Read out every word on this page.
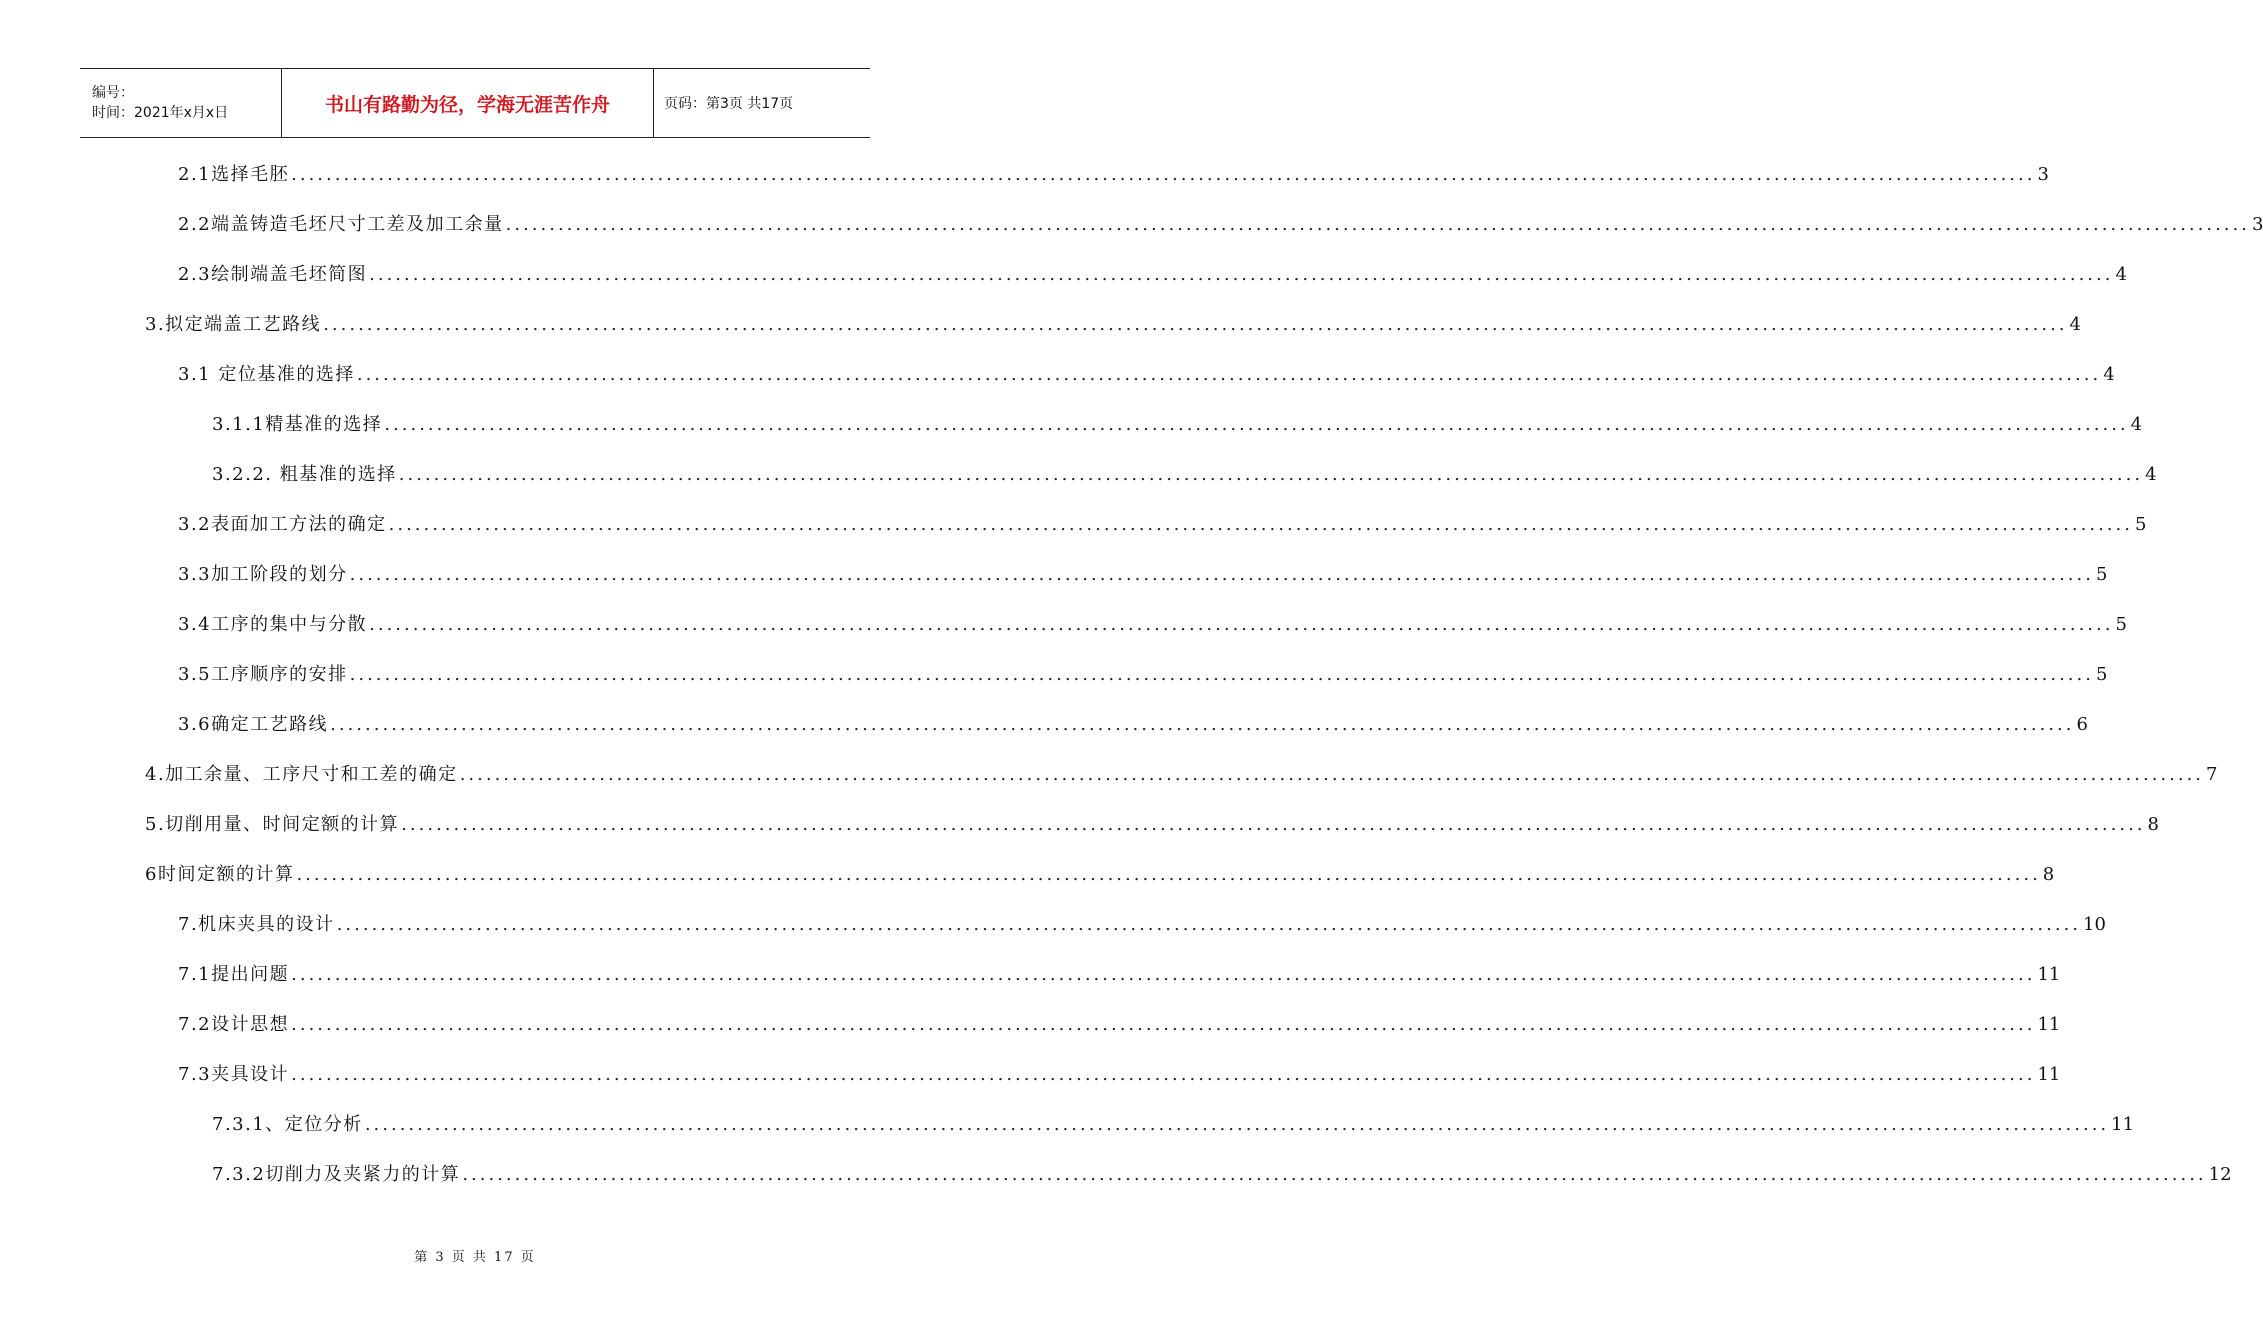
编号：
时间：2021年x月x日	书山有路勤为径，学海无涯苦作舟	页码：第3页 共17页
2.1选择毛胚 ........................................................................................................................................................................................................ 3
2.2端盖铸造毛坯尺寸工差及加工余量 ........................................................................................................................................................................................................ 3
2.3绘制端盖毛坯简图 ........................................................................................................................................................................................................ 4
3.拟定端盖工艺路线 ........................................................................................................................................................................................................ 4
3.1 定位基准的选择 ........................................................................................................................................................................................................ 4
3.1.1精基准的选择 ........................................................................................................................................................................................................ 4
3.2.2. 粗基准的选择 ........................................................................................................................................................................................................ 4
3.2表面加工方法的确定 ........................................................................................................................................................................................................ 5
3.3加工阶段的划分 ........................................................................................................................................................................................................ 5
3.4工序的集中与分散 ........................................................................................................................................................................................................ 5
3.5工序顺序的安排 ........................................................................................................................................................................................................ 5
3.6确定工艺路线 ........................................................................................................................................................................................................ 6
4.加工余量、工序尺寸和工差的确定 ........................................................................................................................................................................................................ 7
5.切削用量、时间定额的计算 ........................................................................................................................................................................................................ 8
6时间定额的计算 ........................................................................................................................................................................................................ 8
7.机床夹具的设计 ........................................................................................................................................................................................................ 10
7.1提出问题 ........................................................................................................................................................................................................ 11
7.2设计思想 ........................................................................................................................................................................................................ 11
7.3夹具设计 ........................................................................................................................................................................................................ 11
7.3.1、定位分析 ........................................................................................................................................................................................................ 11
7.3.2切削力及夹紧力的计算 ........................................................................................................................................................................................................ 12
第 3 页 共 17 页
